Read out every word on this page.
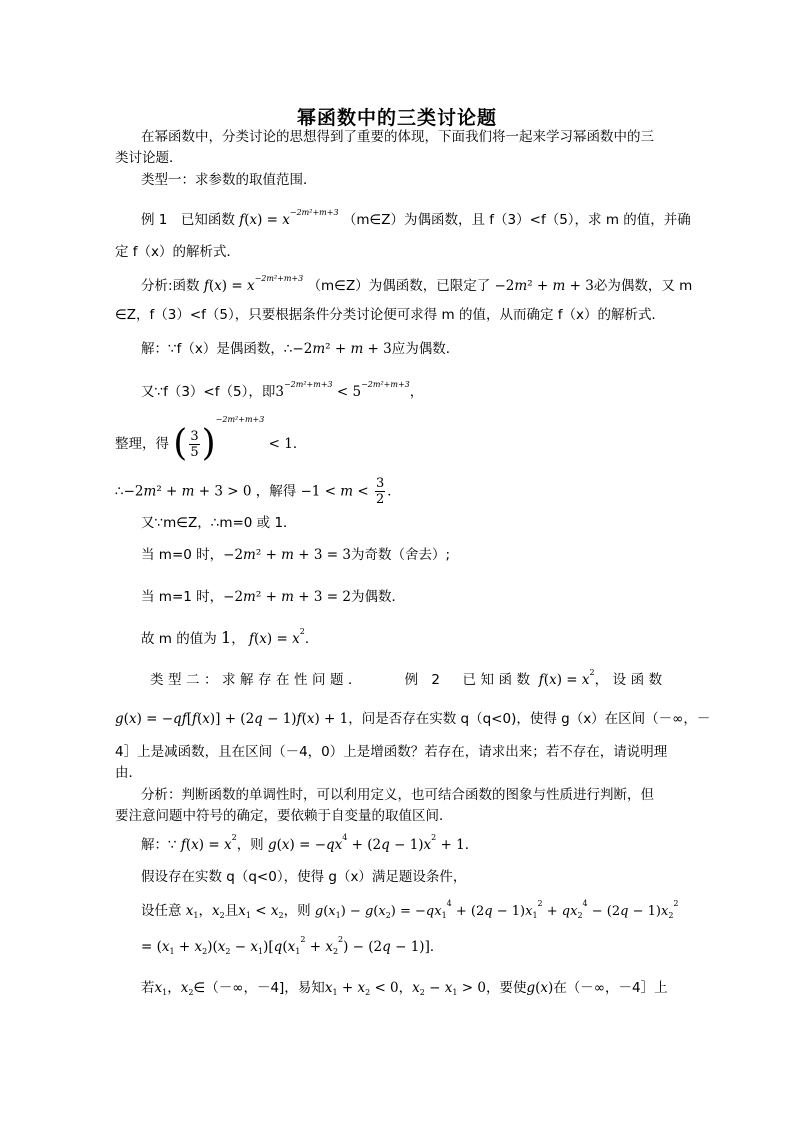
幂函数中的三类讨论题
在幂函数中，分类讨论的思想得到了重要的体现，下面我们将一起来学习幂函数中的三
类讨论题．
类型一：求参数的取值范围．
例 1　已知函数 $f(x) = x^{-2m^2+m+3}$ （m∈Z）为偶函数，且 f（3）<f（5），求 m 的值，并确
定 f（x）的解析式．
分析:函数 $f(x) = x^{-2m^2+m+3}$ （m∈Z）为偶函数，已限定了 −2m² + m + 3必为偶数，又 m
∈Z，f（3）<f（5），只要根据条件分类讨论便可求得 m 的值，从而确定 f（x）的解析式．
解：∵f（x）是偶函数，∴−2m² + m + 3应为偶数．
又∵f（3）<f（5），即$3^{-2m^2+m+3} < 5^{-2m^2+m+3}$，
整理，得 ( $\frac{3}{5} )^{-2m^2+m+3} < 1$．
∴−2m² + m + 3 > 0 ，解得 $-1 < m < \frac{3}{2}$ ．
又∵m∈Z，∴m=0 或 1．
当 m=0 时，−2m² + m + 3 = 3为奇数（舍去）;
当 m=1 时，−2m² + m + 3 = 2为偶数．
故 m 的值为 1， $f(x) = x^2$．
类型二：求解存在性问题．	例 2　已知函数 $f(x) = x^2$，设函数
g(x) = −qf[f(x)] + (2q − 1)f(x) + 1，问是否存在实数 q（q<0)，使得 g（x）在区间（－∞，－
4］上是减函数，且在区间（－4，0）上是增函数？若存在，请求出来；若不存在，请说明理
由．
分析：判断函数的单调性时，可以利用定义，也可结合函数的图象与性质进行判断，但
要注意问题中符号的确定，要依赖于自变量的取值区间．
解：∵ $f(x) = x^2$，则 $g(x) = -qx^4 + (2q - 1)x^2 + 1$．
假设存在实数 q（q<0），使得 g（x）满足题设条件，
设任意 $x_1$，$x_2$且$x_1 < x_2$，则 $g(x_1) - g(x_2) = -qx_1^4 + (2q - 1)x_1^2 + qx_2^4 - (2q - 1)x_2^2$
= $(x_1 + x_2)(x_2 - x_1)[q(x_1^2 + x_2^2) - (2q - 1)]$．
若$x_1$，$x_2\in(-\infty$，－4]，易知$x_1 + x_2 < 0$，$x_2 - x_1 > 0$，要使g(x)在（－∞，－4］上
